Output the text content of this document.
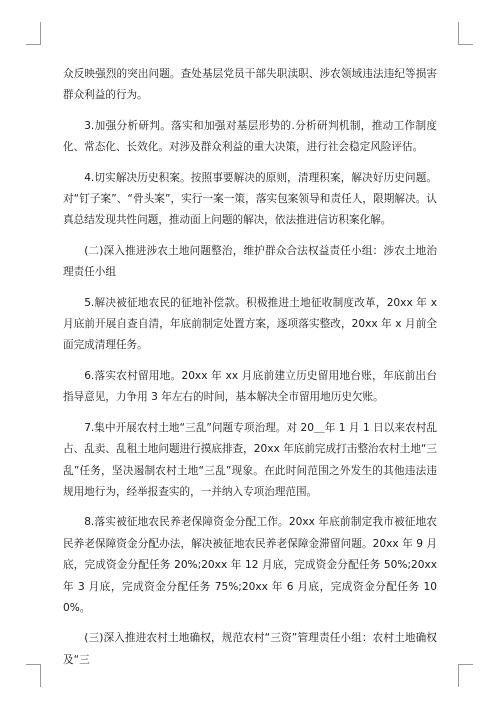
众反映强烈的突出问题。查处基层党员干部失职渎职、涉农领域违法违纪等损害群众利益的行为。

3.加强分析研判。落实和加强对基层形势的.分析研判机制，推动工作制度化、常态化、长效化。对涉及群众利益的重大决策，进行社会稳定风险评估。

4.切实解决历史积案。按照事要解决的原则，清理积案，解决好历史问题。对“钉子案”、“骨头案”，实行一案一策，落实包案领导和责任人，限期解决。认真总结发现共性问题，推动面上问题的解决，依法推进信访积案化解。

(二)深入推进涉农土地问题整治，维护群众合法权益责任小组：涉农土地治理责任小组

5.解决被征地农民的征地补偿款。积极推进土地征收制度改革，20xx 年 x 月底前开展自查自清，年底前制定处置方案，逐项落实整改，20xx 年 x 月前全面完成清理任务。

6.落实农村留用地。20xx 年 xx 月底前建立历史留用地台账，年底前出台指导意见，力争用 3 年左右的时间，基本解决全市留用地历史欠账。

7.集中开展农村土地“三乱”问题专项治理。对 20＿年 1 月 1 日以来农村乱占、乱卖、乱租土地问题进行摸底排查，20xx 年底前完成打击整治农村土地“三乱”任务，坚决遏制农村土地“三乱”现象。在此时间范围之外发生的其他违法违规用地行为，经举报查实的，一并纳入专项治理范围。

8.落实被征地农民养老保障资金分配工作。20xx 年底前制定我市被征地农民养老保障资金分配办法，解决被征地农民养老保障金滞留问题。20xx 年 9 月底，完成资金分配任务 20%;20xx 年 12 月底，完成资金分配任务 50%;20xx 年 3 月底，完成资金分配任务 75%;20xx 年 6 月底，完成资金分配任务 100%。

(三)深入推进农村土地确权，规范农村“三资”管理责任小组：农村土地确权及“三
